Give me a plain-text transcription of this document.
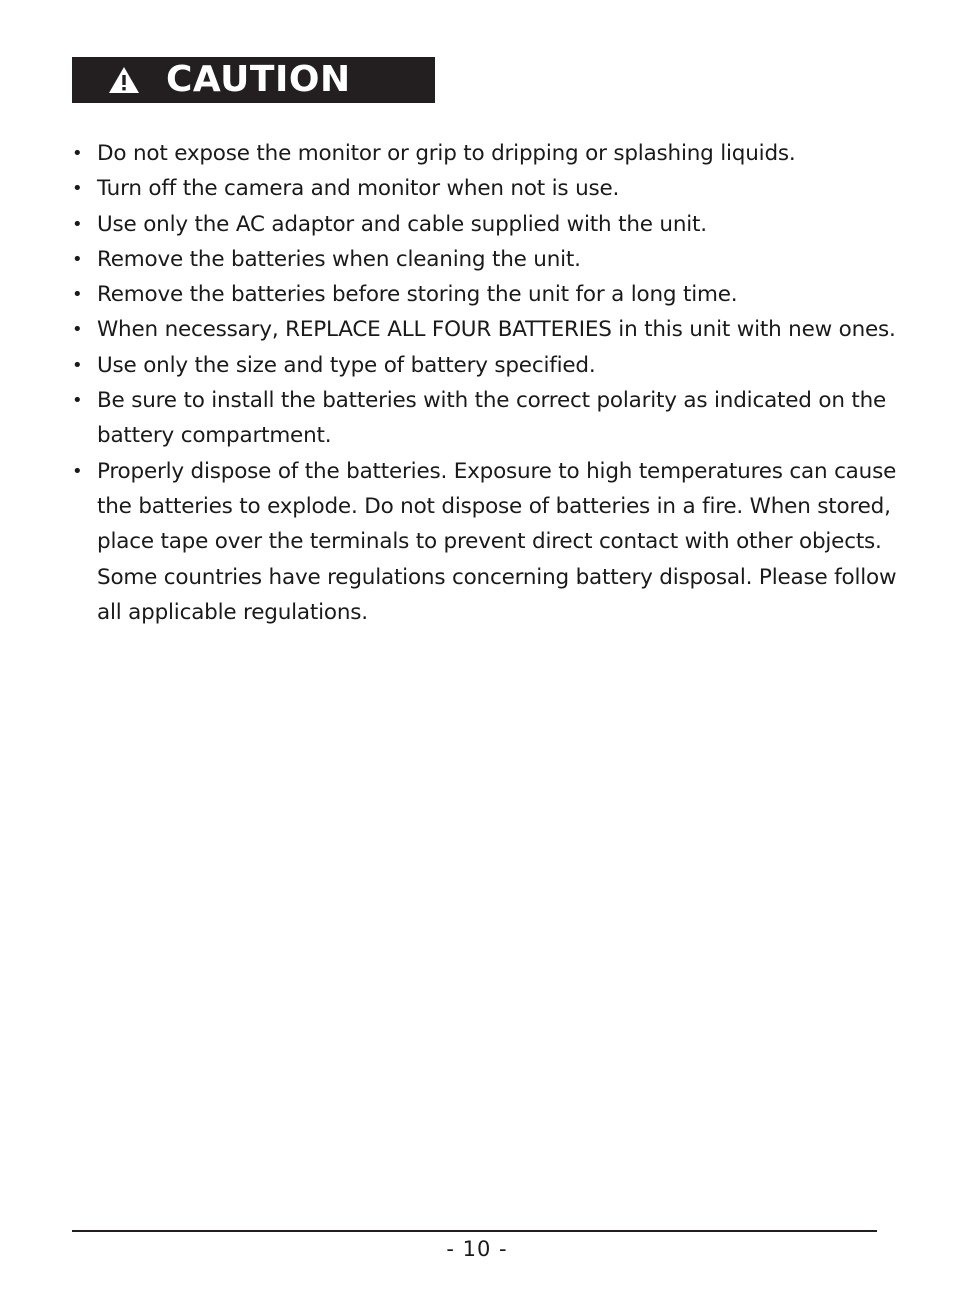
CAUTION
• Do not expose the monitor or grip to dripping or splashing liquids.
• Turn off the camera and monitor when not is use.
• Use only the AC adaptor and cable supplied with the unit.
• Remove the batteries when cleaning the unit.
• Remove the batteries before storing the unit for a long time.
• When necessary, REPLACE ALL FOUR BATTERIES in this unit with new ones.
• Use only the size and type of battery specified.
• Be sure to install the batteries with the correct polarity as indicated on the battery compartment.
• Properly dispose of the batteries. Exposure to high temperatures can cause the batteries to explode. Do not dispose of batteries in a fire. When stored, place tape over the terminals to prevent direct contact with other objects. Some countries have regulations concerning battery disposal. Please follow all applicable regulations.
- 10 -
